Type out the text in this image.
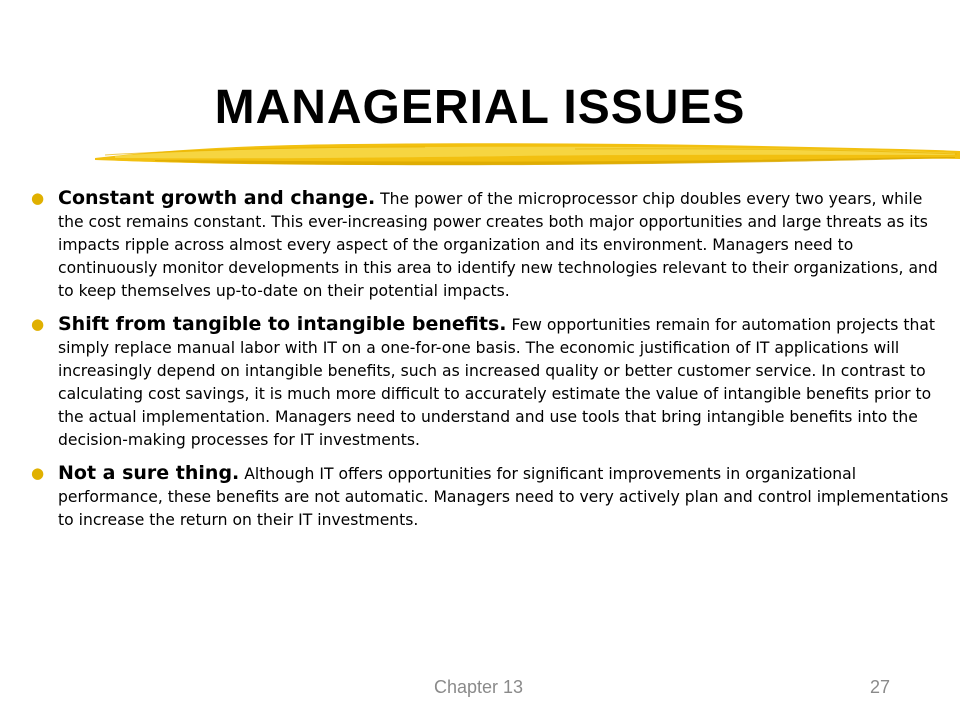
MANAGERIAL ISSUES
● Constant growth and change. The power of the microprocessor chip doubles every two years, while the cost remains constant. This ever-increasing power creates both major opportunities and large threats as its impacts ripple across almost every aspect of the organization and its environment. Managers need to continuously monitor developments in this area to identify new technologies relevant to their organizations, and to keep themselves up-to-date on their potential impacts.
● Shift from tangible to intangible benefits. Few opportunities remain for automation projects that simply replace manual labor with IT on a one-for-one basis. The economic justification of IT applications will increasingly depend on intangible benefits, such as increased quality or better customer service. In contrast to calculating cost savings, it is much more difficult to accurately estimate the value of intangible benefits prior to the actual implementation. Managers need to understand and use tools that bring intangible benefits into the decision-making processes for IT investments.
● Not a sure thing. Although IT offers opportunities for significant improvements in organizational performance, these benefits are not automatic. Managers need to very actively plan and control implementations to increase the return on their IT investments.
Chapter 13	27
